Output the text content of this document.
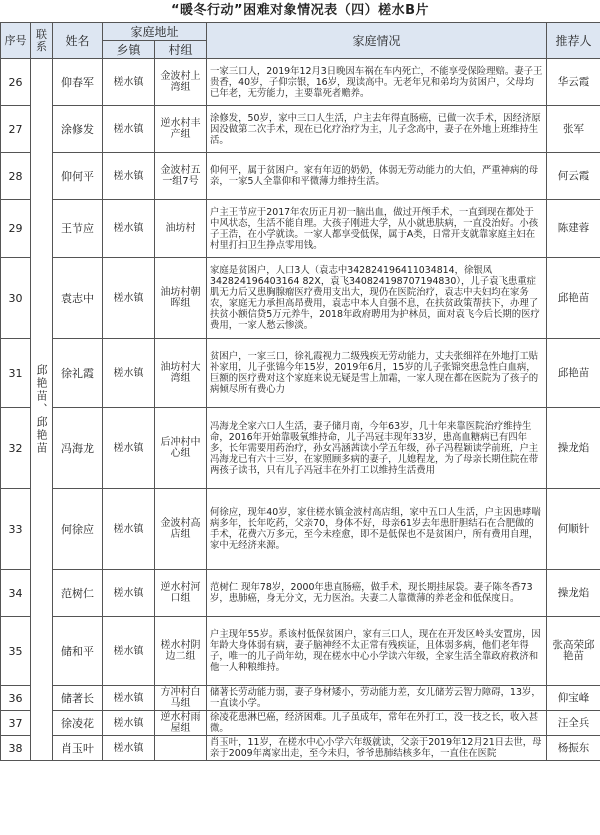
“暖冬行动”困难对象情况表（四）槎水B片
序号	联系	姓名	家庭地址		家庭情况	推荐人
			乡镇	村组		
26	邱艳苗、邱艳苗	仰春军	槎水镇	金波村上湾组	一家三口人，2019年12月3日晚因车祸在车内死亡，不能享受保险理赔。妻子王贵香，40岁，子仰宗银，16岁，现读高中。无老年兄和弟均为贫困户，父母均已年老，无劳能力，主要靠死者赡养。	华云霞
27		涂修发	槎水镇	逆水村丰产组	涂修发，50岁，家中三口人生活，户主去年得直肠癌，已做一次手术，因经济原因没做第二次手术，现在已化疗治疗为主，儿子念高中，妻子在外地上班维持生活。	张军
28		仰何平	槎水镇	金波村五一组7号	仰何平，属于贫困户。家有年迈的奶奶，体弱无劳动能力的大伯，严重神病的母亲，一家5人全靠仰和平微薄力维持生活。	何云霞
29		王节应	槎水镇	油坊村	户主王节应于2017年农历正月初一脑出血，做过开颅手术，一直到现在都处于中风状态，生活不能自理。大孩子刚进大学，从小就患肤病，一直没治好。小孩子王浩，在小学就读。一家人都享受低保，属于A类，日常开支就靠家庭主妇在村里打扫卫生挣点零用钱。	陈建蓉
30		袁志中	槎水镇	油坊村朝晖组	家庭是贫困户，人口3人（袁志中342824196411034814，徐银凤342824196403164 82X，袁飞340824198707194830），儿子袁飞患重症肌无力后又患胸腺瘤医疗费用支出大，现仍在医院治疗，袁志中夫妇均在家务农，家庭无力承担高昂费用，袁志中本人自强不息，在扶贫政策帮扶下，办理了扶贫小额信贷5万元养牛，2018年政府聘用为护林员，面对袁飞今后长期的医疗费用，一家人愁云惨淡。	邱艳苗
31		徐礼霞	槎水镇	油坊村大湾组	贫困户，一家三口，徐礼霞视力二级残疾无劳动能力，丈夫张细祥在外地打工贴补家用，儿子张锦今年15岁，2019年6月，15岁的儿子张锦突患急性白血病，巨额的医疗费对这个家庭来说无疑是雪上加霜，一家人现在都在医院为了孩子的病倾尽所有费心力	邱艳苗
32		冯海龙	槎水镇	后冲村中心组	冯海龙全家六口人生活，妻子储月南，今年63岁，几十年来靠医院治疗维持生命，2016年开始靠吸氧维持命，儿子冯冠丰现年33岁，患高血糖病已有四年多，长年需要用药治疗，孙女冯涵茜读小学五年级，孙子冯程颖读学前班，户主冯海龙已有六十三岁，在家照顾多病的妻子，儿媳程龙，为了母亲长期住院在带两孩子读书，只有儿子冯冠丰在外打工以维持生活费用	操龙焰
33		何徐应	槎水镇	金波村高店组	何徐应，现年40岁，家住槎水镇金波村高店组，家中五口人生活，户主因患哮喘病多年，长年吃药，父亲70，身体不好，母亲61岁去年患肝胆结石在合肥做的手术，花费六万多元，至今未痊愈，即不是低保也不是贫困户，所有费用自理，家中无经济来源。	何顺针
34		范树仁	槎水镇	逆水村河口组	范树仁 现年78岁，2000年患直肠癌，做手术，现长期挂尿袋。妻子陈冬香73岁，患肺癌，身无分文，无力医治。夫妻二人靠微薄的养老金和低保度日。	操龙焰
35		储和平	槎水镇	槎水村阴边二组	户主现年55岁。系该村低保贫困户，家有三口人，现在在开发区岭头安置房，因年龄大身体弱有病，妻子脑神经不太正常有残疾证，且体弱多病，他们老年得子，唯一的儿子尚年幼，现在槎水中心小学读六年级，全家生活全靠政府救济和他一人种粮维持。	张高荣邱艳苗
36		储著长	槎水镇	方冲村白马组	储著长劳动能力弱，妻子身材矮小，劳动能力差，女儿储芳云智力障碍，13岁，一直读小学。	仰宝峰
37		徐凌花	槎水镇	逆水村雨屋组	徐凌花患淋巴癌，经济困难。儿子虽成年，常年在外打工，没一技之长，收入甚微。	汪全兵
38		肖玉叶	槎水镇		肖玉叶，11岁，在槎水中心小学六年级就读，父亲于2019年12月21日去世，母亲于2009年离家出走，至今未归，爷爷患肺结核多年，一直住在医院	杨振东
